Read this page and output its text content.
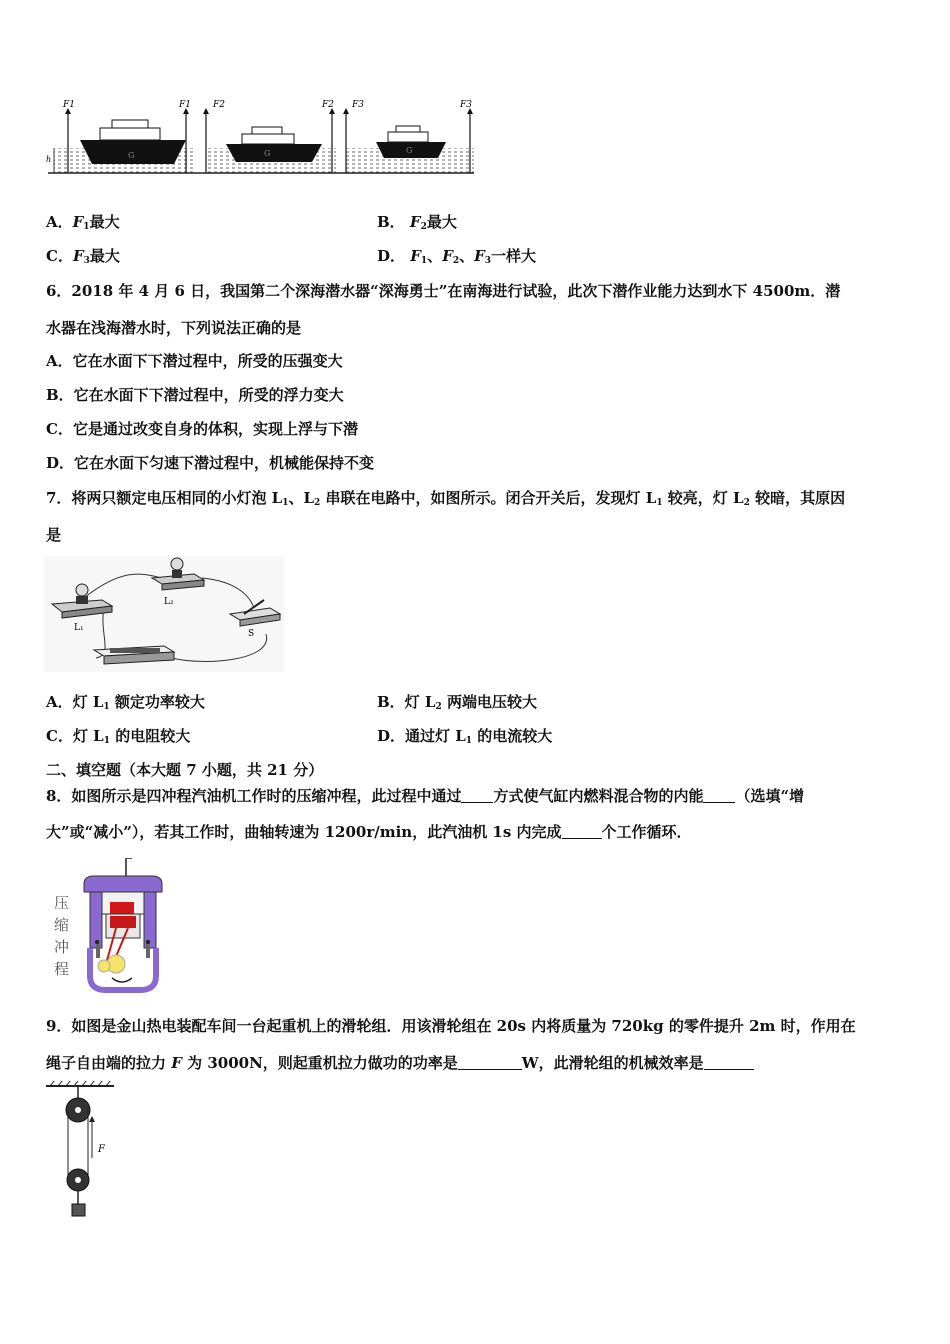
F1	F1
G
h
F2	F2
G
F3	F3
G
A．$F_1$最大	B． $F_2$最大
C．$F_3$最大	D． $F_1$、$F_2$、$F_3$一样大
6．2018 年 4 月 6 日，我国第二个深海潜水器“深海勇士”在南海进行试验，此次下潜作业能力达到水下 4500m．潜
水器在浅海潜水时，下列说法正确的是
A．它在水面下下潜过程中，所受的压强变大
B．它在水面下下潜过程中，所受的浮力变大
C．它是通过改变自身的体积，实现上浮与下潜
D．它在水面下匀速下潜过程中，机械能保持不变
7．将两只额定电压相同的小灯泡 $L_1$、$L_2$ 串联在电路中，如图所示。闭合开关后，发现灯 $L_1$ 较亮，灯 $L_2$ 较暗，其原因
是
L₁
L₂
S
A．灯 $L_1$ 额定功率较大	B．灯 $L_2$ 两端电压较大
C．灯 $L_1$ 的电阻较大	D．通过灯 $L_1$ 的电流较大
二、填空题（本大题 7 小题，共 21 分）
8．如图所示是四冲程汽油机工作时的压缩冲程，此过程中通过 方式使气缸内燃料混合物的内能 （选填“增
大”或“减小”），若其工作时，曲轴转速为 1200r/min，此汽油机 1s 内完成	个工作循环．
压
缩
冲
程
9．如图是金山热电装配车间一台起重机上的滑轮组．用该滑轮组在 20s 内将质量为 720kg 的零件提升 2m 时，作用在
绳子自由端的拉力 F 为 3000N，则起重机拉力做功的功率是	W，此滑轮组的机械效率是
F
